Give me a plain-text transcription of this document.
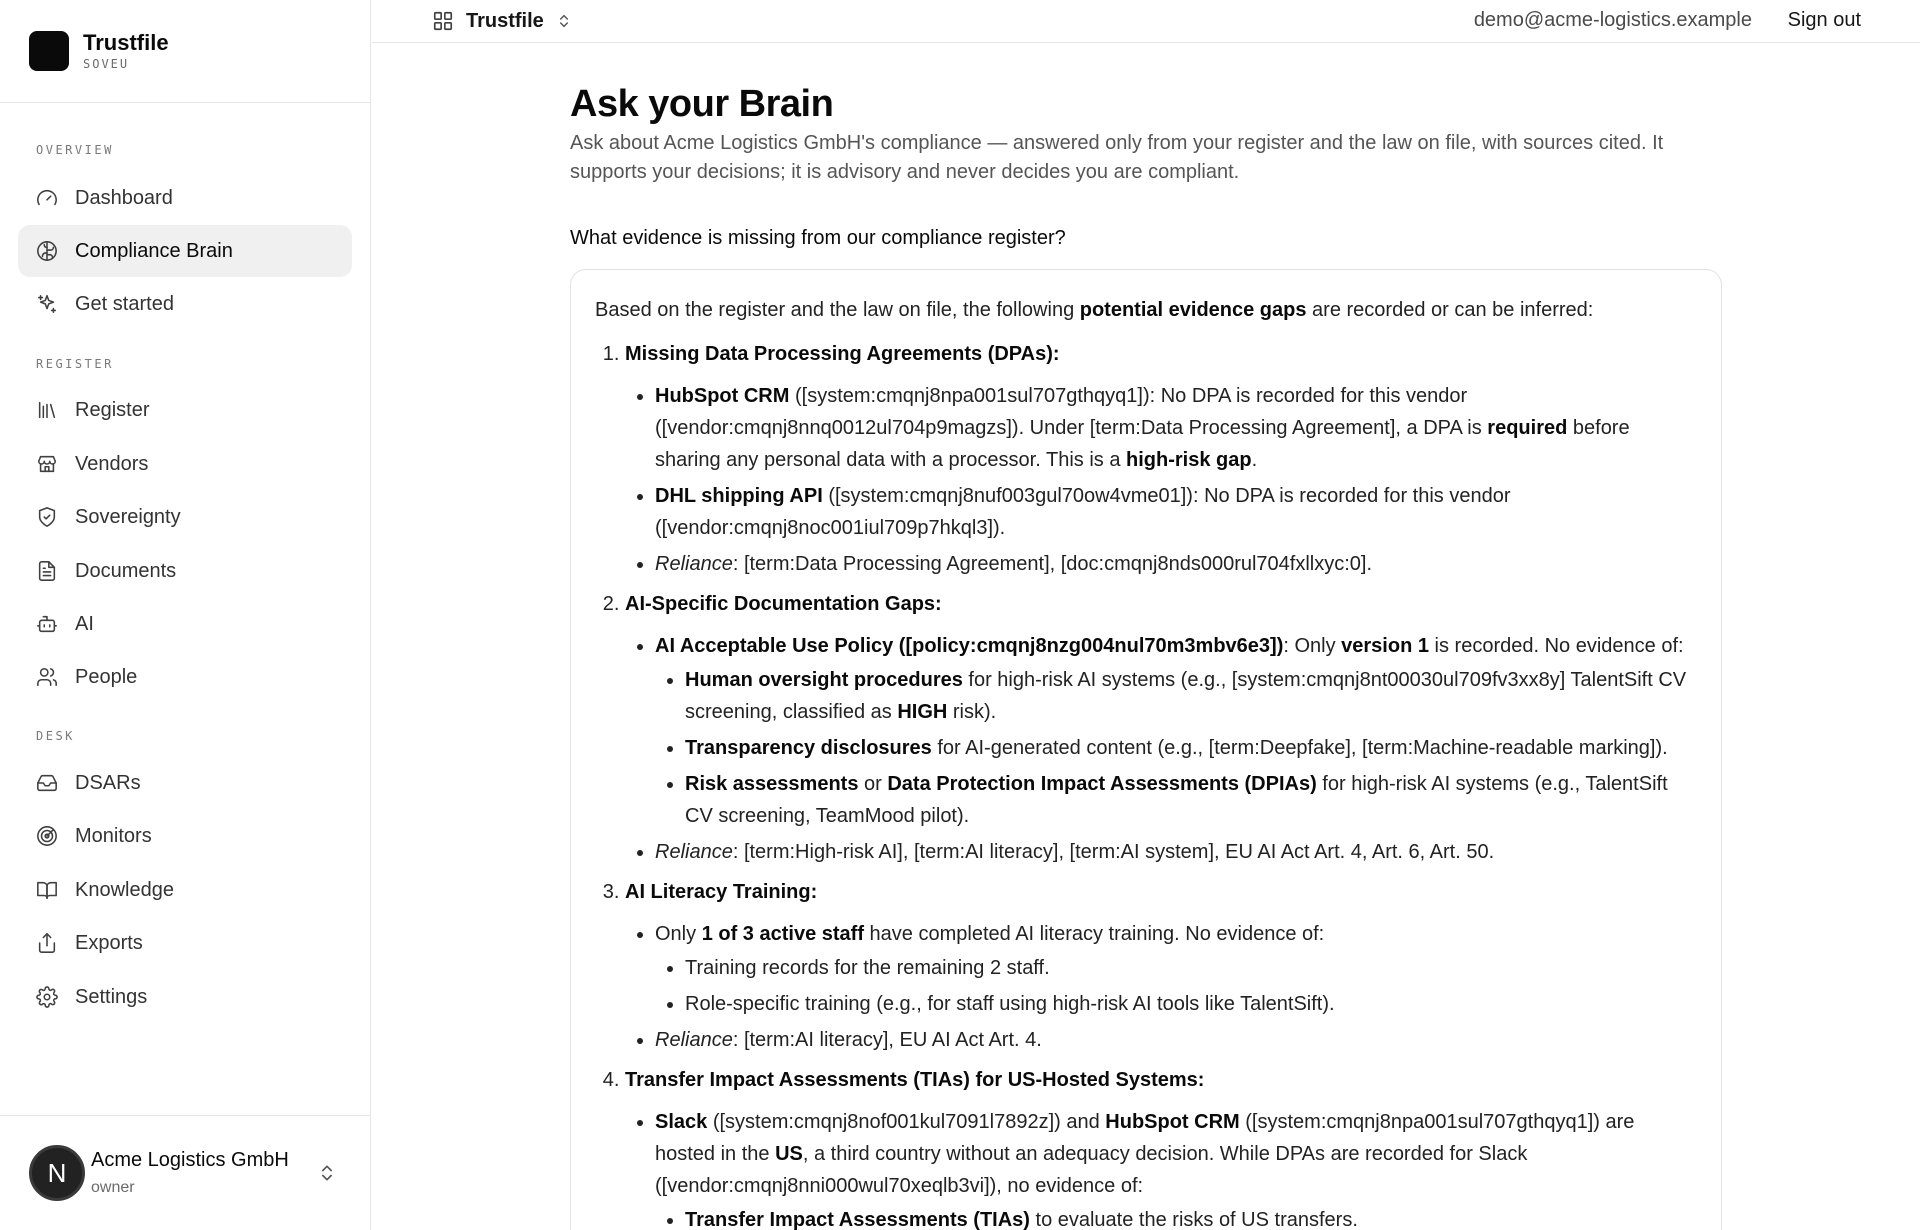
Trustfile
SOVEU
OVERVIEW
Dashboard
Compliance Brain
Get started
REGISTER
Register
Vendors
Sovereignty
Documents
AI
People
DESK
DSARs
Monitors
Knowledge
Exports
Settings
N	Acme Logistics GmbH
owner
Trustfile	demo@acme-logistics.example Sign out
Ask your Brain

Ask about Acme Logistics GmbH's compliance — answered only from your register and the law on file, with sources cited. It supports your decisions; it is advisory and never decides you are compliant.

What evidence is missing from our compliance register?

Based on the register and the law on file, the following potential evidence gaps are recorded or can be inferred:

1. Missing Data Processing Agreements (DPAs):
• HubSpot CRM ([system:cmqnj8npa001sul707gthqyq1]): No DPA is recorded for this vendor ([vendor:cmqnj8nnq0012ul704p9magzs]). Under [term:Data Processing Agreement], a DPA is required before sharing any personal data with a processor. This is a high-risk gap.
• DHL shipping API ([system:cmqnj8nuf003gul70ow4vme01]): No DPA is recorded for this vendor ([vendor:cmqnj8noc001iul709p7hkql3]).
• Reliance: [term:Data Processing Agreement], [doc:cmqnj8nds000rul704fxllxyc:0].
2. AI-Specific Documentation Gaps:
• AI Acceptable Use Policy ([policy:cmqnj8nzg004nul70m3mbv6e3]): Only version 1 is recorded. No evidence of:
• Human oversight procedures for high-risk AI systems (e.g., [system:cmqnj8nt00030ul709fv3xx8y] TalentSift CV screening, classified as HIGH risk).
• Transparency disclosures for AI-generated content (e.g., [term:Deepfake], [term:Machine-readable marking]).
• Risk assessments or Data Protection Impact Assessments (DPIAs) for high-risk AI systems (e.g., TalentSift CV screening, TeamMood pilot).
• Reliance: [term:High-risk AI], [term:AI literacy], [term:AI system], EU AI Act Art. 4, Art. 6, Art. 50.
3. AI Literacy Training:
• Only 1 of 3 active staff have completed AI literacy training. No evidence of:
• Training records for the remaining 2 staff.
• Role-specific training (e.g., for staff using high-risk AI tools like TalentSift).
• Reliance: [term:AI literacy], EU AI Act Art. 4.
4. Transfer Impact Assessments (TIAs) for US-Hosted Systems:
• Slack ([system:cmqnj8nof001kul7091l7892z]) and HubSpot CRM ([system:cmqnj8npa001sul707gthqyq1]) are hosted in the US, a third country without an adequacy decision. While DPAs are recorded for Slack ([vendor:cmqnj8nni000wul70xeqlb3vi]), no evidence of:
• Transfer Impact Assessments (TIAs) to evaluate the risks of US transfers.
